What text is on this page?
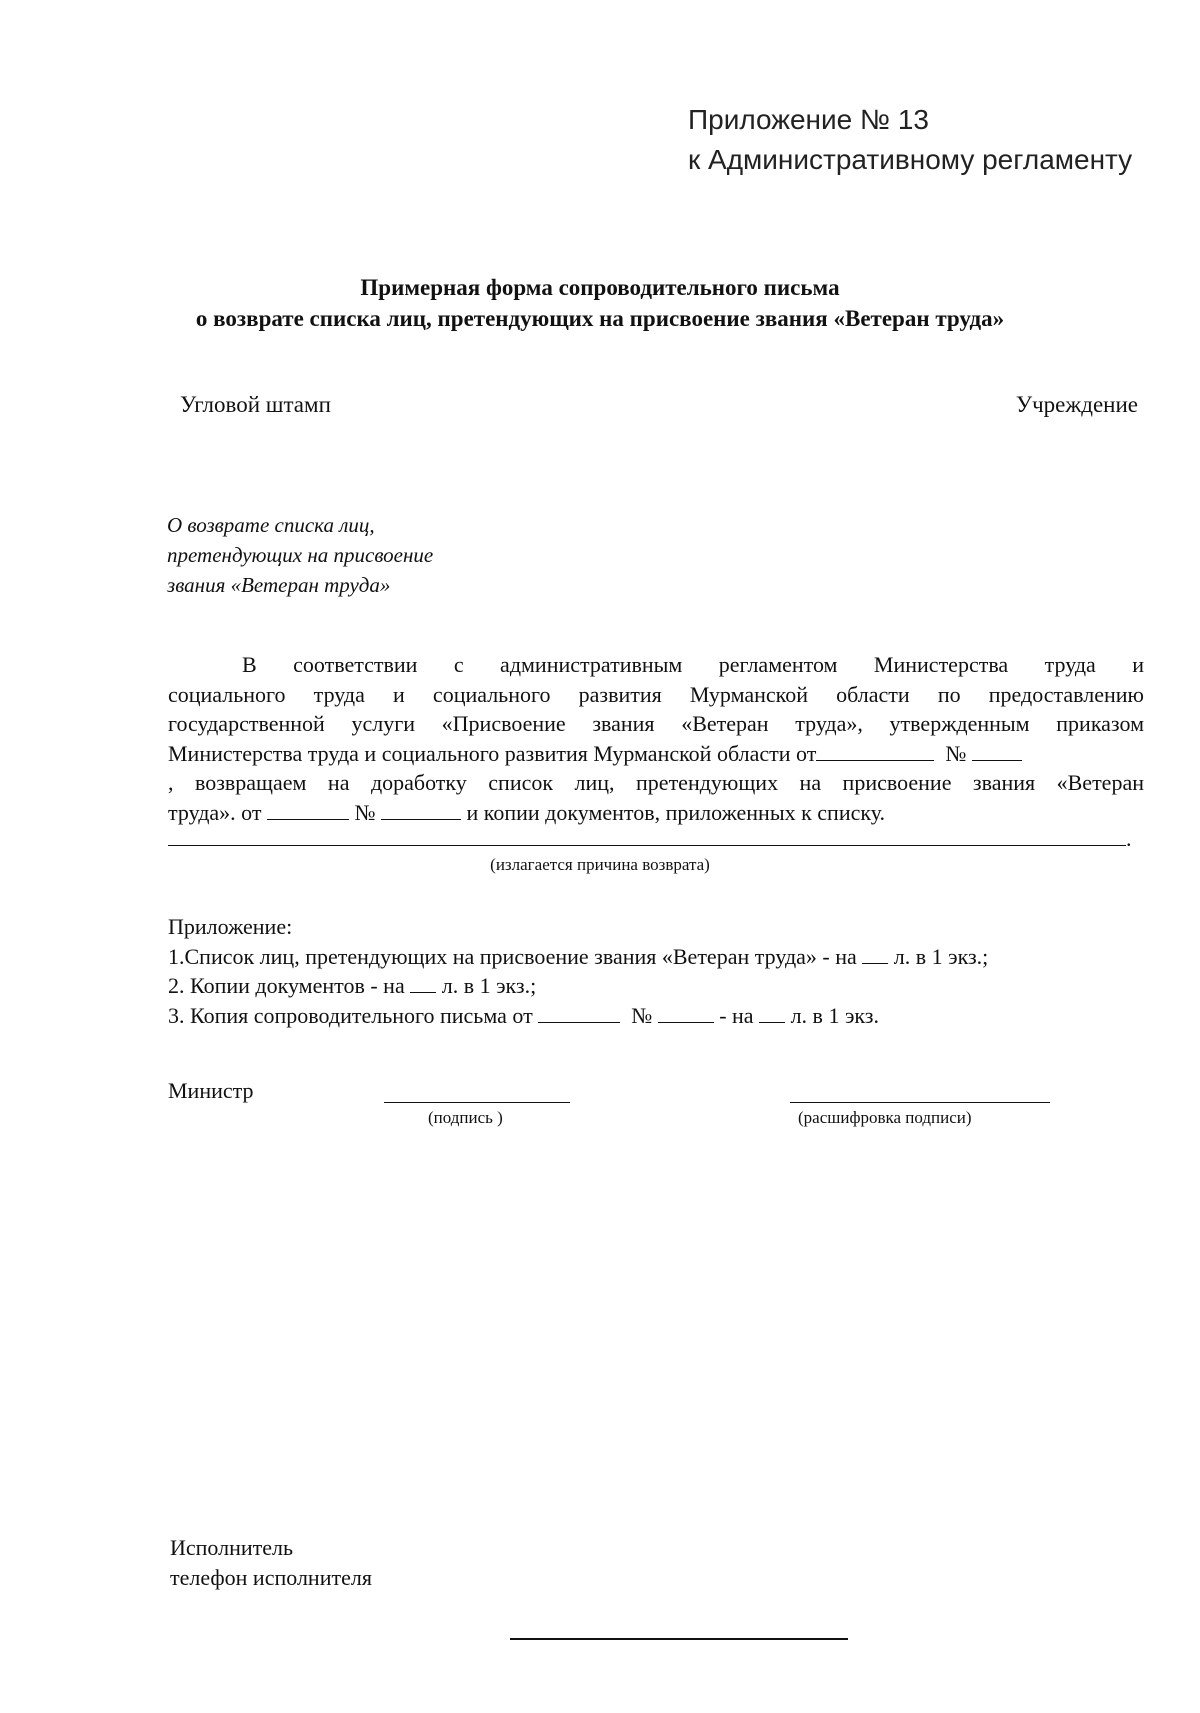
Приложение № 13
к Административному регламенту
Примерная форма сопроводительного письма
о возврате списка лиц, претендующих на присвоение звания «Ветеран труда»
Угловой штамп	Учреждение
О возврате списка лиц,
претендующих на присвоение
звания «Ветеран труда»
В соответствии с административным регламентом Министерства труда и
социального труда и социального развития Мурманской области по предоставлению
государственной услуги «Присвоение звания «Ветеран труда», утвержденным приказом
Министерства труда и социального развития Мурманской области от	№
, возвращаем на доработку список лиц, претендующих на присвоение звания «Ветеран
труда». от	№	и копии документов, приложенных к списку.
.
(излагается причина возврата)
Приложение:
1.Список лиц, претендующих на присвоение звания «Ветеран труда» - на л. в 1 экз.;
2. Копии документов - на л. в 1 экз.;
3. Копия сопроводительного письма от	№	- на л. в 1 экз.
Министр
(подпись )	(расшифровка подписи)
Исполнитель
телефон исполнителя
